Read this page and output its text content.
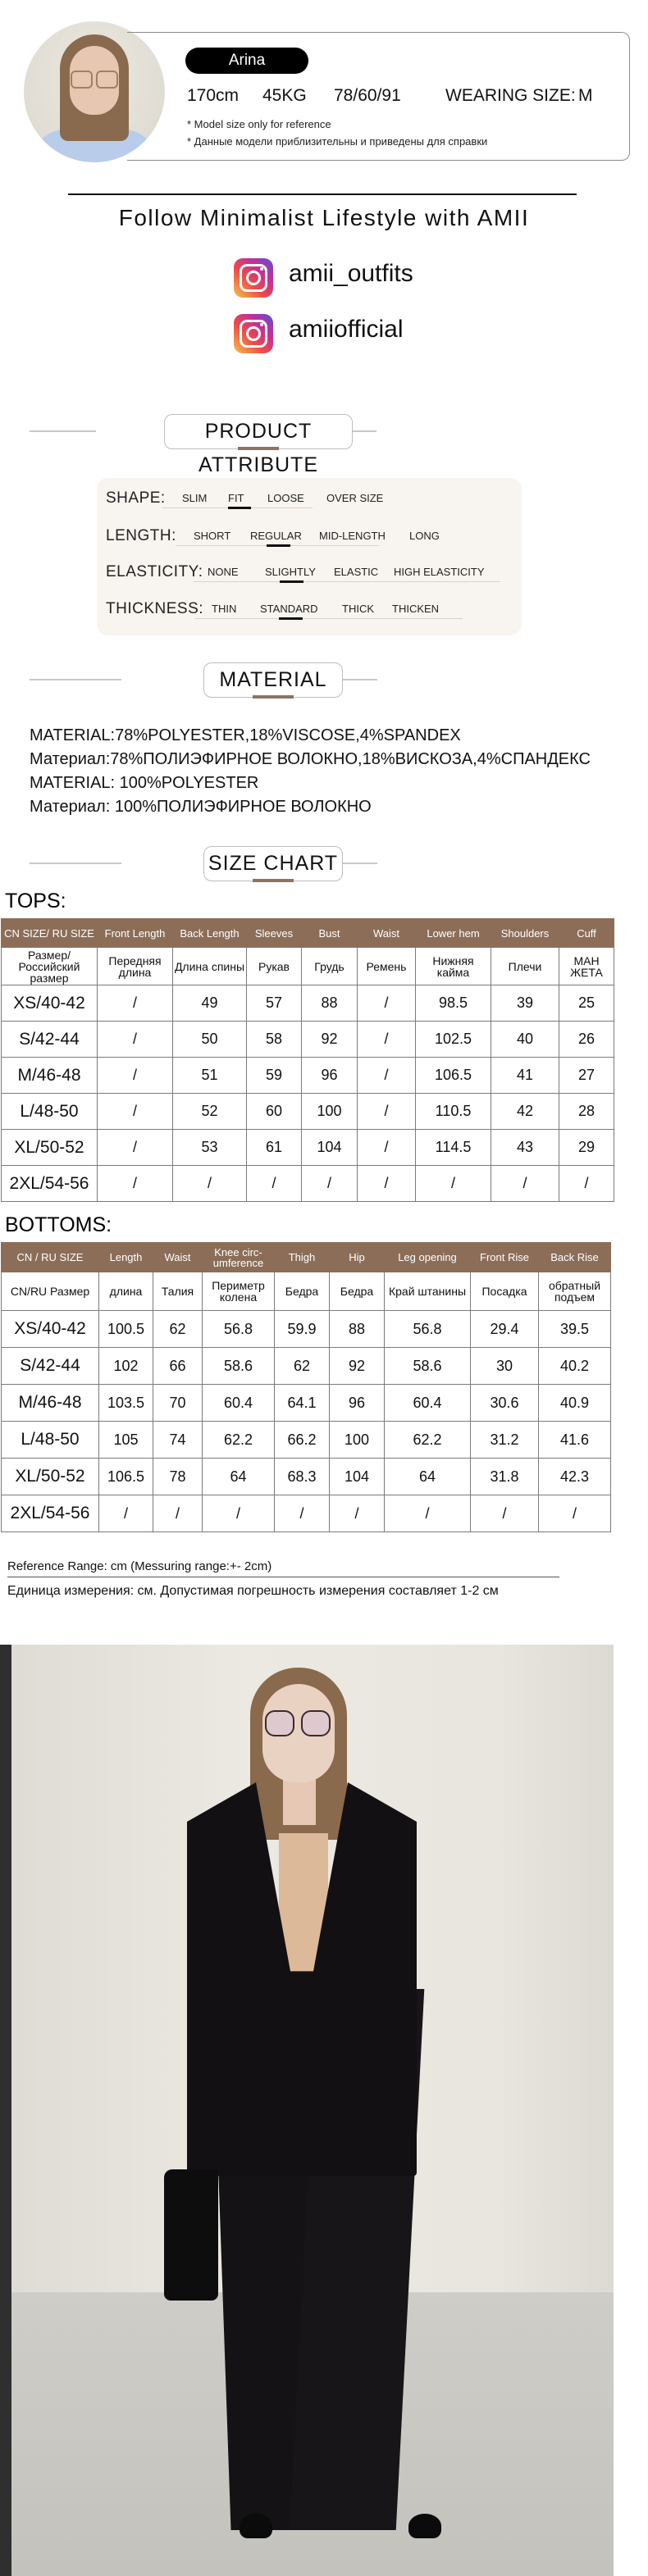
Arina
170cm 45KG 78/60/91	WEARING SIZE: M
* Model size only for reference
* Данные модели приблизительны и приведены для справки
Follow Minimalist Lifestyle with AMII
amii_outfits
amiiofficial
PRODUCT ATTRIBUTE
SHAPE: SLIM FIT LOOSE OVER SIZE
LENGTH: SHORT REGULAR MID-LENGTH LONG
ELASTICITY: NONE SLIGHTLY ELASTIC HIGH ELASTICITY
THICKNESS: THIN STANDARD THICK THICKEN
MATERIAL
MATERIAL:78%POLYESTER,18%VISCOSE,4%SPANDEX
Материал:78%ПОЛИЭФИРНОЕ ВОЛОКНО,18%ВИСКОЗА,4%СПАНДЕКС
MATERIAL: 100%POLYESTER
Материал: 100%ПОЛИЭФИРНОЕ ВОЛОКНО
SIZE CHART
TOPS:
CN SIZE/ RU SIZE	Front Length	Back Length	Sleeves	Bust	Waist	Lower hem	Shoulders	Cuff
Размер/ Российский размер	Передняя длина	Длина спины	Рукав	Грудь	Ремень	Нижняя кайма	Плечи	МАН ЖЕТА
XS/40-42	/	49	57	88	/	98.5	39	25
S/42-44	/	50	58	92	/	102.5	40	26
M/46-48	/	51	59	96	/	106.5	41	27
L/48-50	/	52	60	100	/	110.5	42	28
XL/50-52	/	53	61	104	/	114.5	43	29
2XL/54-56	/	/	/	/	/	/	/	/
BOTTOMS:
CN / RU SIZE	Length	Waist	Knee circ- umference	Thigh	Hip	Leg opening	Front Rise	Back Rise
CN/RU Размер	длина	Талия	Периметр колена	Бедра	Бедра	Край штанины	Посадка	обратный подъем
XS/40-42	100.5	62	56.8	59.9	88	56.8	29.4	39.5
S/42-44	102	66	58.6	62	92	58.6	30	40.2
M/46-48	103.5	70	60.4	64.1	96	60.4	30.6	40.9
L/48-50	105	74	62.2	66.2	100	62.2	31.2	41.6
XL/50-52	106.5	78	64	68.3	104	64	31.8	42.3
2XL/54-56	/	/	/	/	/	/	/	/
Reference Range: cm (Messuring range:+- 2cm)
Единица измерения: см. Допустимая погрешность измерения составляет 1-2 см
